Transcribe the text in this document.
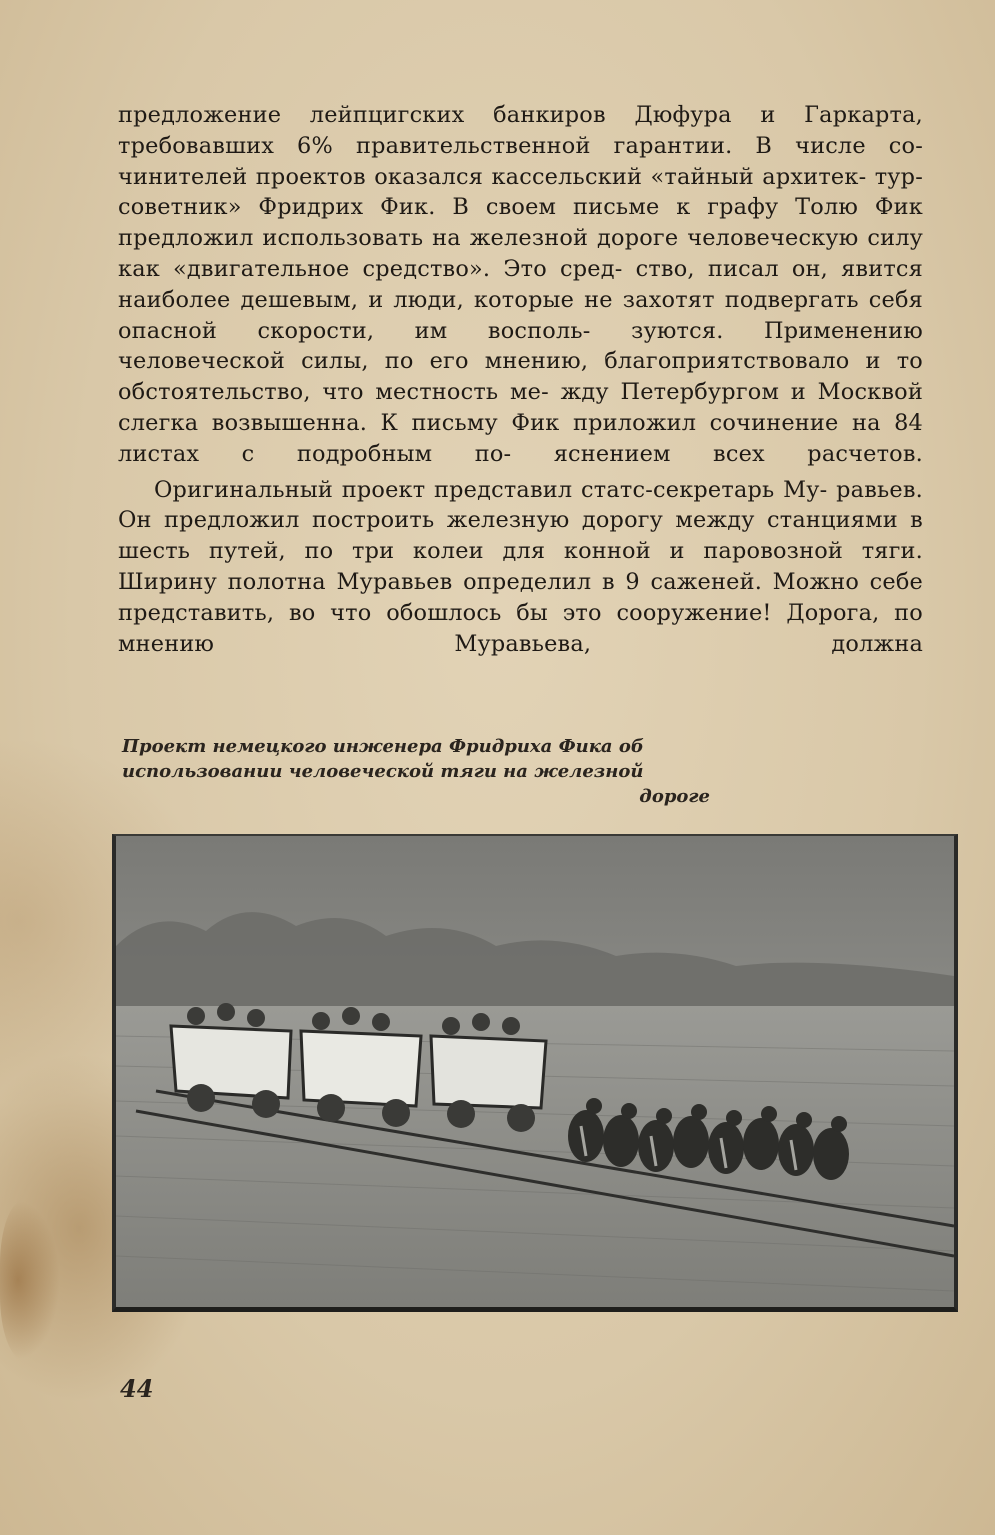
предложение лейпцигских банкиров Дюфура и Гаркарта, требовавших 6% правительственной гарантии. В числе со- чинителей проектов оказался кассельский «тайный архитек- тур-советник» Фридрих Фик. В своем письме к графу Толю Фик предложил использовать на железной дороге человеческую силу как «двигательное средство». Это сред- ство, писал он, явится наиболее дешевым, и люди, которые не захотят подвергать себя опасной скорости, им восполь- зуются. Применению человеческой силы, по его мнению, благоприятствовало и то обстоятельство, что местность ме- жду Петербургом и Москвой слегка возвышенна. К письму Фик приложил сочинение на 84 листах с подробным по- яснением всех расчетов.

Оригинальный проект представил статс-секретарь Му- равьев. Он предложил построить железную дорогу между станциями в шесть путей, по три колеи для конной и паровозной тяги. Ширину полотна Муравьев определил в 9 саженей. Можно себе представить, во что обошлось бы это сооружение! Дорога, по мнению Муравьева, должна

Проект немецкого инженера Фридриха Фика об
использовании человеческой тяги на железной
дороге
44
